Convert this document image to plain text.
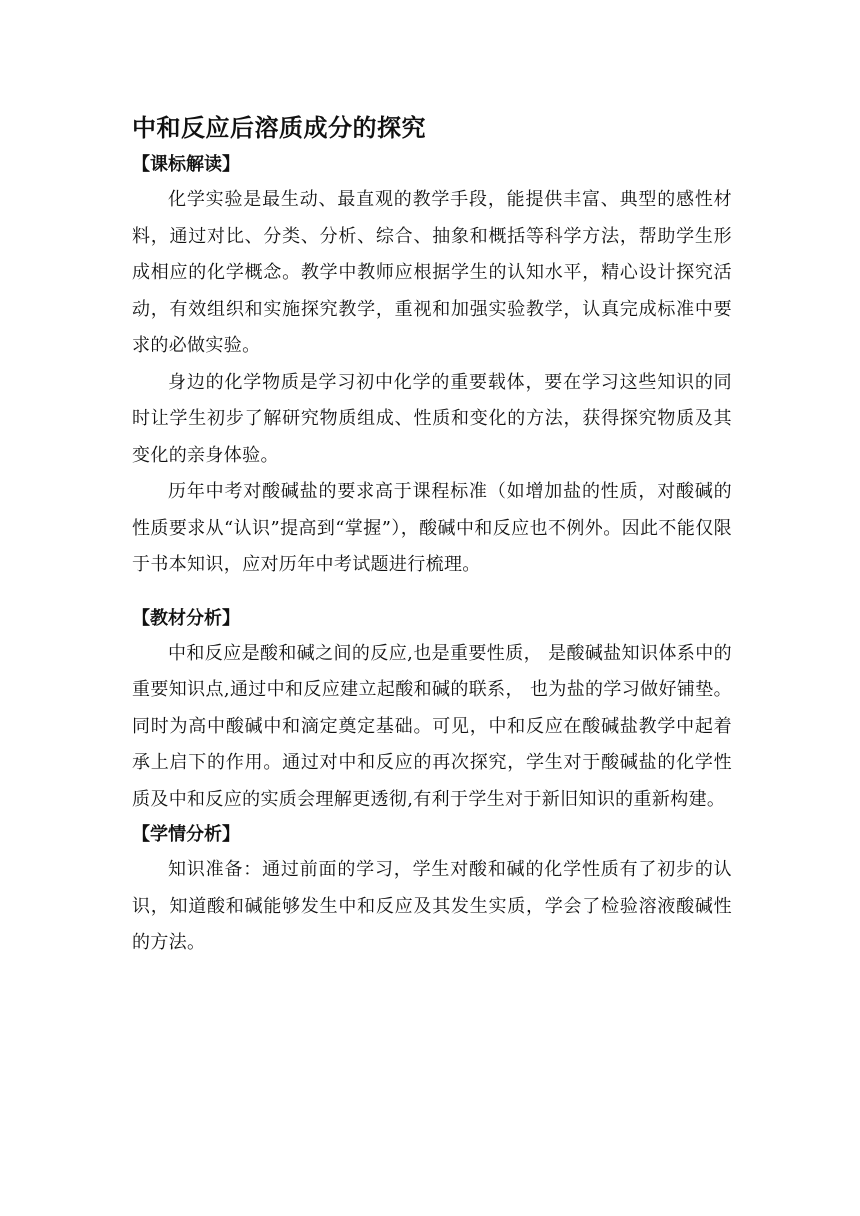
中和反应后溶质成分的探究
【课标解读】

化学实验是最生动、最直观的教学手段，能提供丰富、典型的感性材料，通过对比、分类、分析、综合、抽象和概括等科学方法，帮助学生形成相应的化学概念。教学中教师应根据学生的认知水平，精心设计探究活动，有效组织和实施探究教学，重视和加强实验教学，认真完成标准中要求的必做实验。

身边的化学物质是学习初中化学的重要载体，要在学习这些知识的同时让学生初步了解研究物质组成、性质和变化的方法，获得探究物质及其变化的亲身体验。

历年中考对酸碱盐的要求高于课程标准（如增加盐的性质，对酸碱的性质要求从“认识”提高到“掌握”），酸碱中和反应也不例外。因此不能仅限于书本知识，应对历年中考试题进行梳理。

【教材分析】

中和反应是酸和碱之间的反应,也是重要性质， 是酸碱盐知识体系中的重要知识点,通过中和反应建立起酸和碱的联系， 也为盐的学习做好铺垫。同时为高中酸碱中和滴定奠定基础。可见，中和反应在酸碱盐教学中起着承上启下的作用。通过对中和反应的再次探究，学生对于酸碱盐的化学性质及中和反应的实质会理解更透彻,有利于学生对于新旧知识的重新构建。

【学情分析】

知识准备：通过前面的学习，学生对酸和碱的化学性质有了初步的认识，知道酸和碱能够发生中和反应及其发生实质，学会了检验溶液酸碱性的方法。
